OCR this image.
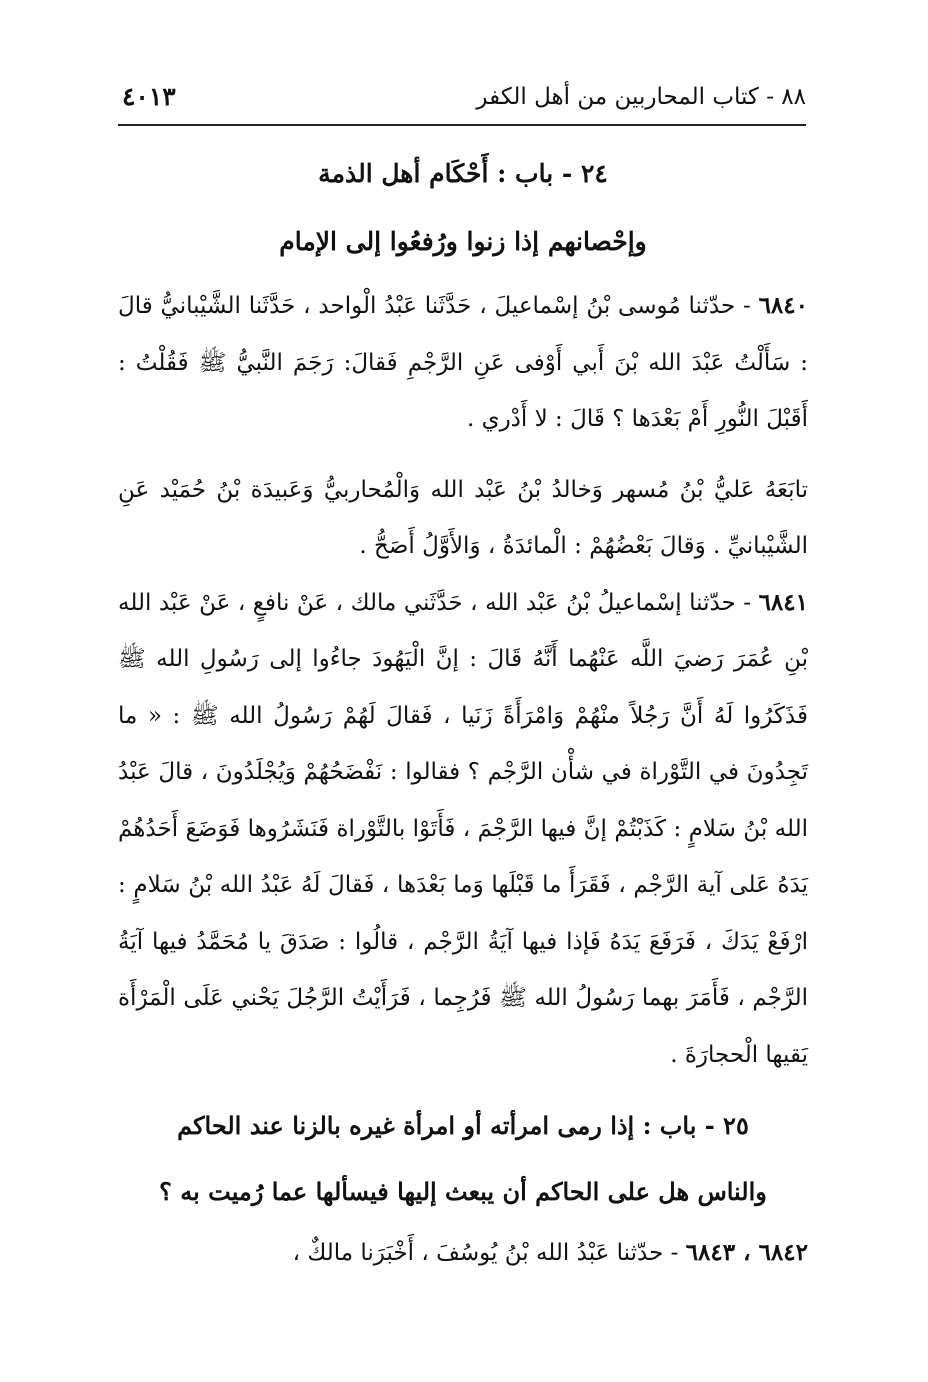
٨٨ - كتاب المحاربين من أهل الكفر
٤٠١٣
٢٤ - باب : أَحْكَام أهل الذمة
وإحْصانهم إذا زنوا ورُفعُوا إلى الإمام

٦٨٤٠ - حدّثنا مُوسى بْنُ إسْماعيلَ ، حَدَّثَنا عَبْدُ الْواحد ، حَدَّثَنا الشَّيْبانيُّ قالَ : سَأَلْتُ عَبْدَ الله بْنَ أَبي أَوْفى عَنِ الرَّجْمِ فَقالَ: رَجَمَ النَّبيُّ ﷺ فَقُلْتُ : أَقَبْلَ النُّورِ أَمْ بَعْدَها ؟ قَالَ : لا أَدْري .

تابَعَهُ عَليُّ بْنُ مُسهر وَخالدُ بْنُ عَبْد الله وَالْمُحاربيُّ وَعَبيدَة بْنُ حُمَيْد عَنِ الشَّيْبانيِّ . وَقالَ بَعْضُهُمْ : الْمائدَةُ ، وَالأَوَّلُ أَصَحُّ .

٦٨٤١ - حدّثنا إسْماعيلُ بْنُ عَبْد الله ، حَدَّثَني مالك ، عَنْ نافعٍ ، عَنْ عَبْد الله بْنِ عُمَرَ رَضيَ اللَّه عَنْهُما أَنَّهُ قَالَ : إنَّ الْيَهُودَ جاءُوا إلى رَسُولِ الله ﷺ فَذَكَرُوا لَهُ أَنَّ رَجُلاً منْهُمْ وَامْرَأَةً زَنَيا ، فَقالَ لَهُمْ رَسُولُ الله ﷺ : « ما تَجِدُونَ في التَّوْراة في شأْن الرَّجْم ؟ فقالوا : نَفْضَحُهُمْ وَيُجْلَدُونَ ، قالَ عَبْدُ الله بْنُ سَلامٍ : كَذَبْتُمْ إنَّ فيها الرَّجْمَ ، فَأَتَوْا بالتَّوْراة فَنَشَرُوها فَوَضَعَ أَحَدُهُمْ يَدَهُ عَلى آية الرَّجْم ، فَقَرَأَ ما قَبْلَها وَما بَعْدَها ، فَقالَ لَهُ عَبْدُ الله بْنُ سَلامٍ : ارْفَعْ يَدَكَ ، فَرَفَعَ يَدَهُ فَإذا فيها آيَةُ الرَّجْم ، قالُوا : صَدَقَ يا مُحَمَّدُ فيها آيَةُ الرَّجْم ، فَأَمَرَ بهما رَسُولُ الله ﷺ فَرُجِما ، فَرَأَيْتُ الرَّجُلَ يَحْني عَلَى الْمَرْأَة يَقيها الْحجارَةَ .

٢٥ - باب : إذا رمى امرأته أو امرأة غيره بالزنا عند الحاكم
والناس هل على الحاكم أن يبعث إليها فيسألها عما رُميت به ؟

٦٨٤٢ ، ٦٨٤٣ - حدّثنا عَبْدُ الله بْنُ يُوسُفَ ، أَخْبَرَنا مالكٌ ،
